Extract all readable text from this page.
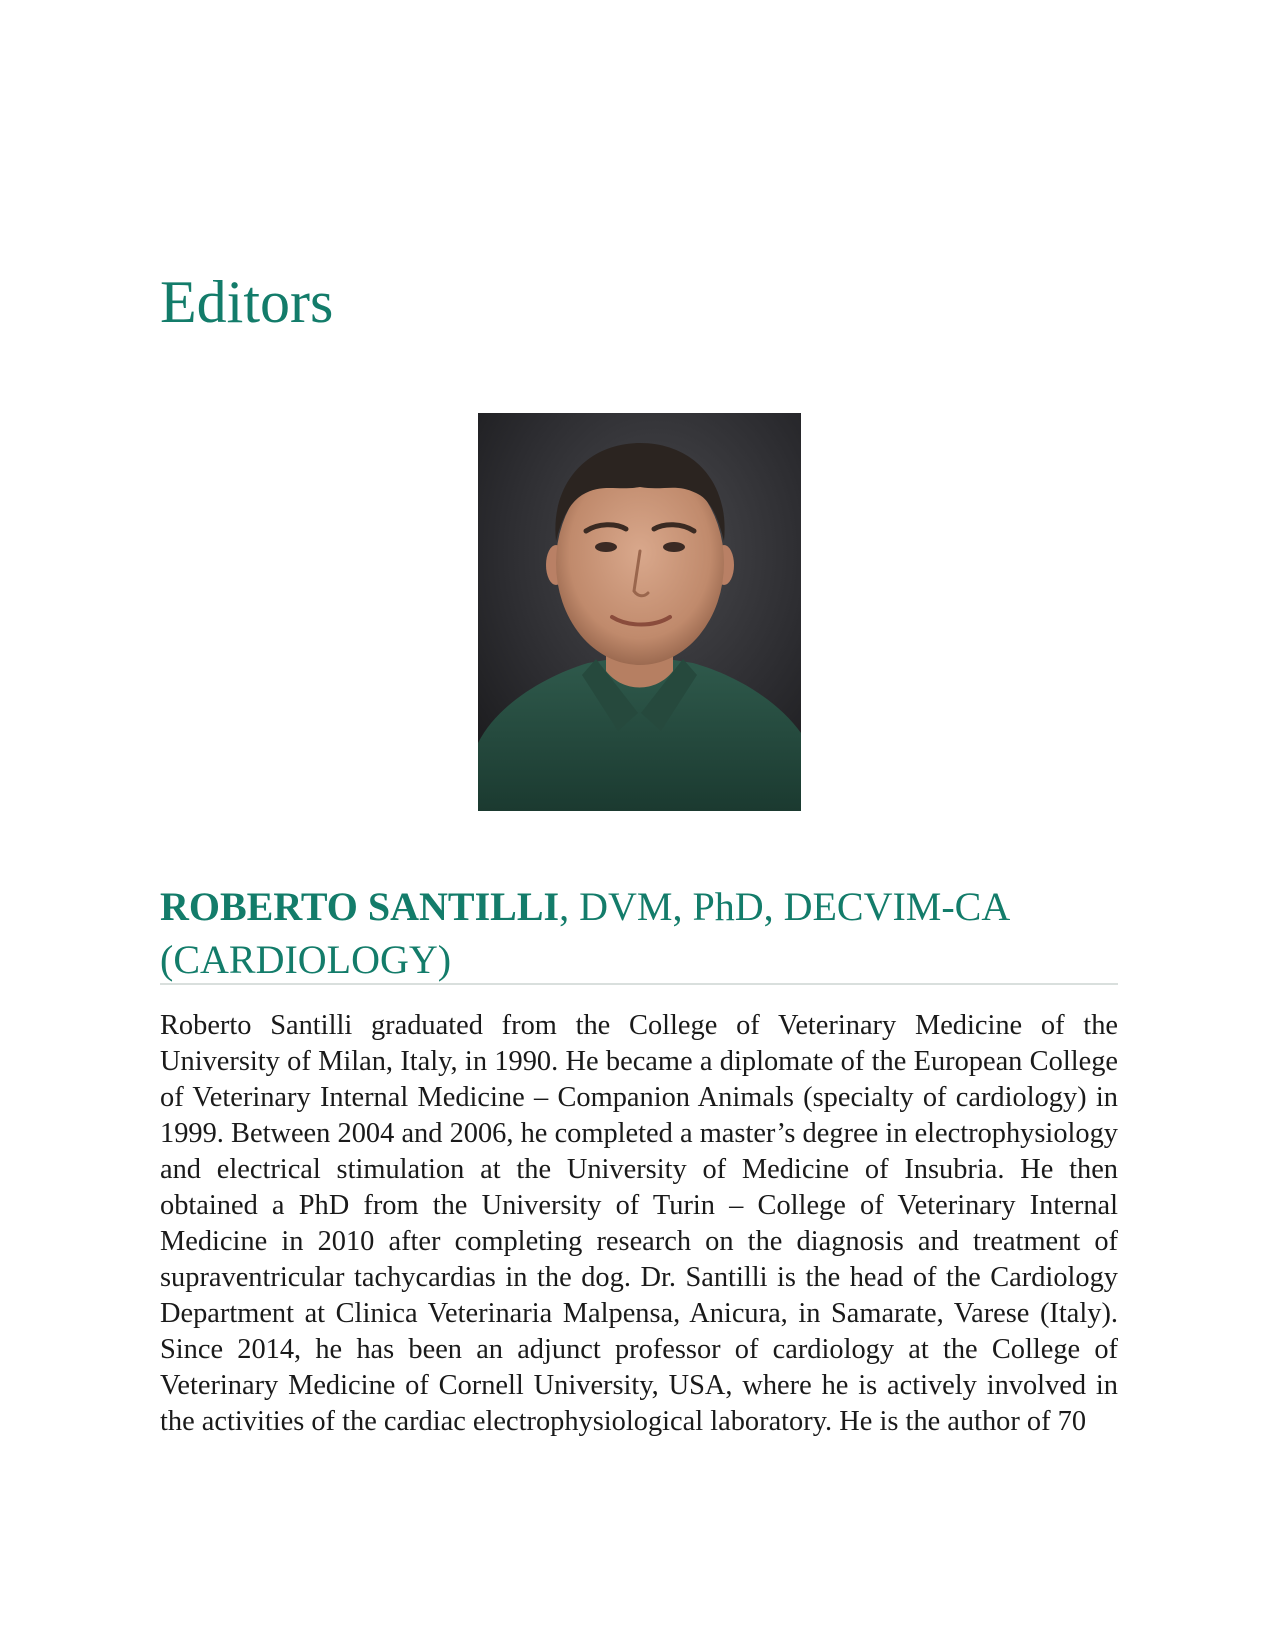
Editors
ROBERTO SANTILLI, DVM, PhD, DECVIM-CA (CARDIOLOGY)

Roberto Santilli graduated from the College of Veterinary Medicine of the University of Milan, Italy, in 1990. He became a diplomate of the European College of Veterinary Internal Medicine – Companion Animals (specialty of cardiology) in 1999. Between 2004 and 2006, he completed a master’s degree in electrophysiology and electrical stimulation at the University of Medicine of Insubria. He then obtained a PhD from the University of Turin – College of Veterinary Internal Medicine in 2010 after completing research on the diagnosis and treatment of supraventricular tachycardias in the dog. Dr. Santilli is the head of the Cardiology Department at Clinica Veterinaria Malpensa, Anicura, in Samarate, Varese (Italy). Since 2014, he has been an adjunct professor of cardiology at the College of Veterinary Medicine of Cornell University, USA, where he is actively involved in the activities of the cardiac electrophysiological laboratory. He is the author of 70
